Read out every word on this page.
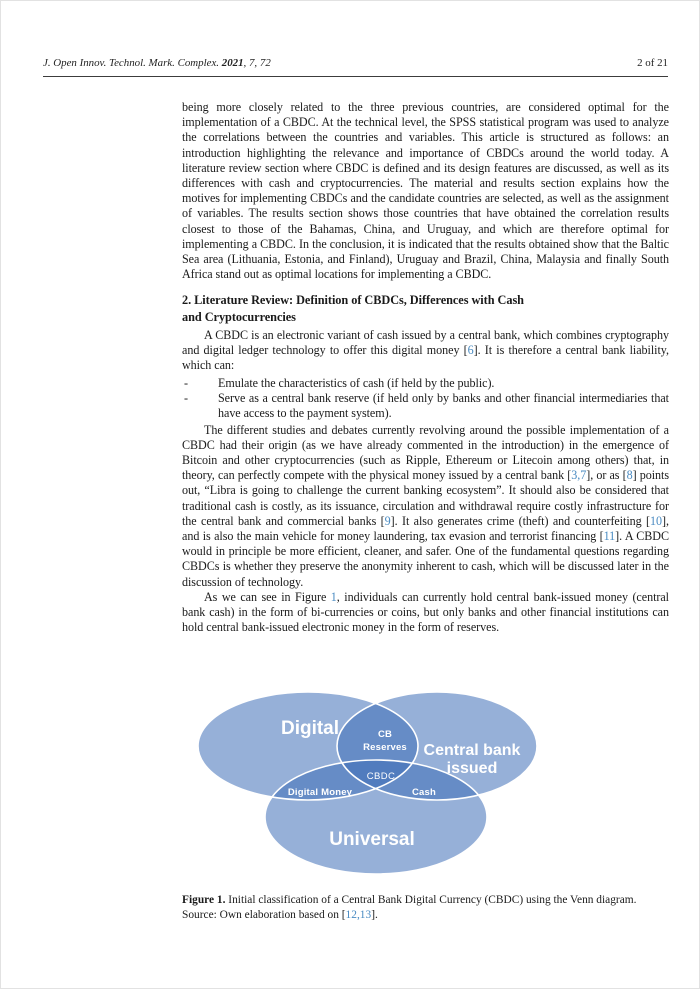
J. Open Innov. Technol. Mark. Complex. 2021, 7, 72	2 of 21

being more closely related to the three previous countries, are considered optimal for the implementation of a CBDC. At the technical level, the SPSS statistical program was used to analyze the correlations between the countries and variables. This article is structured as follows: an introduction highlighting the relevance and importance of CBDCs around the world today. A literature review section where CBDC is defined and its design features are discussed, as well as its differences with cash and cryptocurrencies. The material and results section explains how the motives for implementing CBDCs and the candidate countries are selected, as well as the assignment of variables. The results section shows those countries that have obtained the correlation results closest to those of the Bahamas, China, and Uruguay, and which are therefore optimal for implementing a CBDC. In the conclusion, it is indicated that the results obtained show that the Baltic Sea area (Lithuania, Estonia, and Finland), Uruguay and Brazil, China, Malaysia and finally South Africa stand out as optimal locations for implementing a CBDC.

2. Literature Review: Definition of CBDCs, Differences with Cash
and Cryptocurrencies

A CBDC is an electronic variant of cash issued by a central bank, which combines cryptography and digital ledger technology to offer this digital money [6]. It is therefore a central bank liability, which can:

- Emulate the characteristics of cash (if held by the public).
- Serve as a central bank reserve (if held only by banks and other financial intermediaries that have access to the payment system).

The different studies and debates currently revolving around the possible implementation of a CBDC had their origin (as we have already commented in the introduction) in the emergence of Bitcoin and other cryptocurrencies (such as Ripple, Ethereum or Litecoin among others) that, in theory, can perfectly compete with the physical money issued by a central bank [3,7], or as [8] points out, “Libra is going to challenge the current banking ecosystem”. It should also be considered that traditional cash is costly, as its issuance, circulation and withdrawal require costly infrastructure for the central bank and commercial banks [9]. It also generates crime (theft) and counterfeiting [10], and is also the main vehicle for money laundering, tax evasion and terrorist financing [11]. A CBDC would in principle be more efficient, cleaner, and safer. One of the fundamental questions regarding CBDCs is whether they preserve the anonymity inherent to cash, which will be discussed later in the discussion of technology.

As we can see in Figure 1, individuals can currently hold central bank-issued money (central bank cash) in the form of bi-currencies or coins, but only banks and other financial institutions can hold central bank-issued electronic money in the form of reserves.

Digital
Central bank
issued
Universal
CB
Reserves
CBDC
Digital Money	Cash
Figure 1. Initial classification of a Central Bank Digital Currency (CBDC) using the Venn diagram. Source: Own elaboration based on [12,13].
